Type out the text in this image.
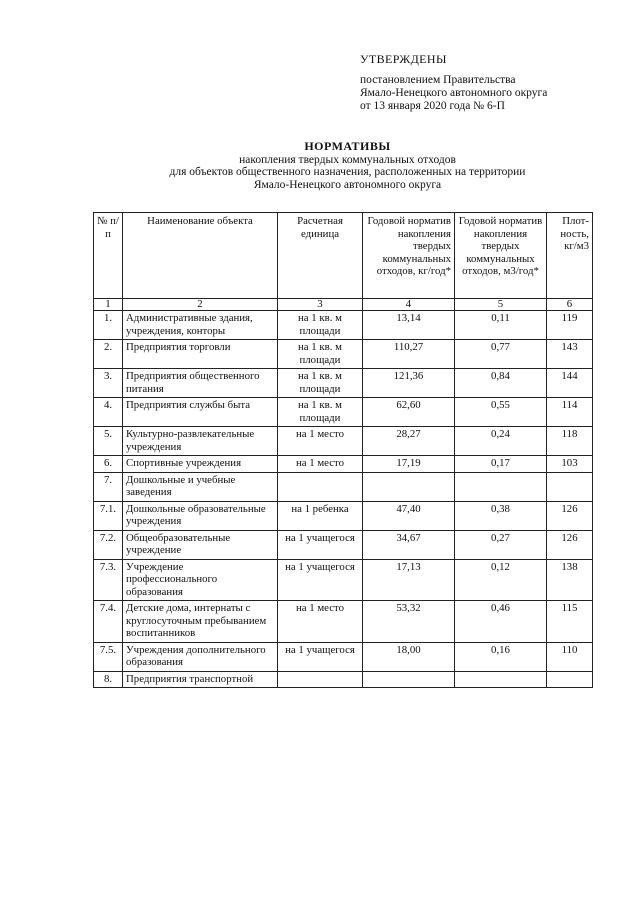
УТВЕРЖДЕНЫ
постановлением Правительства
Ямало-Ненецкого автономного округа
от 13 января 2020 года № 6-П
НОРМАТИВЫ
накопления твердых коммунальных отходов
для объектов общественного назначения, расположенных на территории
Ямало-Ненецкого автономного округа
№ п/п	Наименование объекта	Расчетная единица	Годовой норматив накопления твердых коммунальных отходов, кг/год*	Годовой норматив накопления твердых коммунальных отходов, м3/год*	Плот-ность, кг/м3
1	2	3	4	5	6
1.	Административные здания, учреждения, конторы	на 1 кв. м площади	13,14	0,11	119
2.	Предприятия торговли	на 1 кв. м площади	110,27	0,77	143
3.	Предприятия общественного питания	на 1 кв. м площади	121,36	0,84	144
4.	Предприятия службы быта	на 1 кв. м площади	62,60	0,55	114
5.	Культурно-развлекательные учреждения	на 1 место	28,27	0,24	118
6.	Спортивные учреждения	на 1 место	17,19	0,17	103
7.	Дошкольные и учебные заведения				
7.1.	Дошкольные образовательные учреждения	на 1 ребенка	47,40	0,38	126
7.2.	Общеобразовательные учреждение	на 1 учащегося	34,67	0,27	126
7.3.	Учреждение профессионального образования	на 1 учащегося	17,13	0,12	138
7.4.	Детские дома, интернаты с круглосуточным пребыванием воспитанников	на 1 место	53,32	0,46	115
7.5.	Учреждения дополнительного образования	на 1 учащегося	18,00	0,16	110
8.	Предприятия транспортной				
